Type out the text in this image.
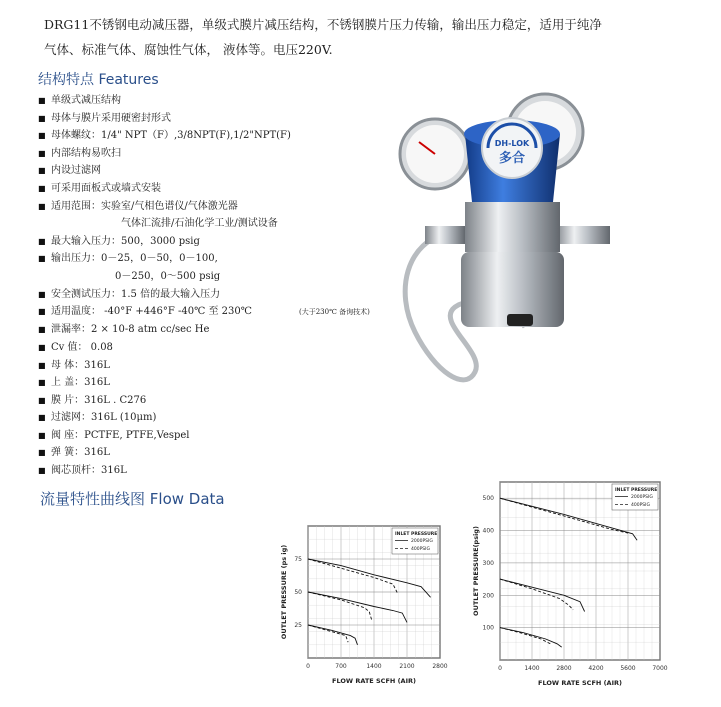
DRG11不锈钢电动减压器，单级式膜片减压结构，不锈钢膜片压力传输，输出压力稳定，适用于纯净
气体、标准气体、腐蚀性气体， 液体等。电压220V.
结构特点 Features
■ 单级式减压结构
■ 母体与膜片采用硬密封形式
■ 母体螺纹：1/4" NPT（F）,3/8NPT(F),1/2"NPT(F)
■ 内部结构易吹扫
■ 内设过滤网
■ 可采用面板式或墙式安装
■ 适用范围：实验室/气相色谱仪/气体激光器
气体汇流排/石油化学工业/测试设备
■ 最大输入压力：500，3000 psig
■ 输出压力：0－25，0－50，0－100,
0－250，0～500 psig
■ 安全测试压力：1.5 倍的最大输入压力
■ 适用温度： -40°F +446°F -40℃ 至 230℃	(大于230℃ 备询技术)
■ 泄漏率：2 × 10-8 atm cc/sec He
■ Cv 值： 0.08
■ 母 体：316L
■ 上 盖：316L
■ 膜 片：316L . C276
■ 过滤网：316L (10μm)
■ 阀 座：PCTFE, PTFE,Vespel
■ 弹 簧：316L
■ 阀芯顶杆：316L
DH-LOK
多合
流量特性曲线图 Flow Data
0	700	1400	2100	2800
25
50
75
FLOW RATE SCFH (AIR)
OUTLET PRESSURE (ps ig)
INLET PRESSURE
2000PSIG
400PSIG
0	1400	2800	4200	5600	7000
100
200
300
400
500
FLOW RATE SCFH (AIR)
OUTLET PRESSURE(psig)
INLET PRESSURE
2000PSIG
400PSIG
